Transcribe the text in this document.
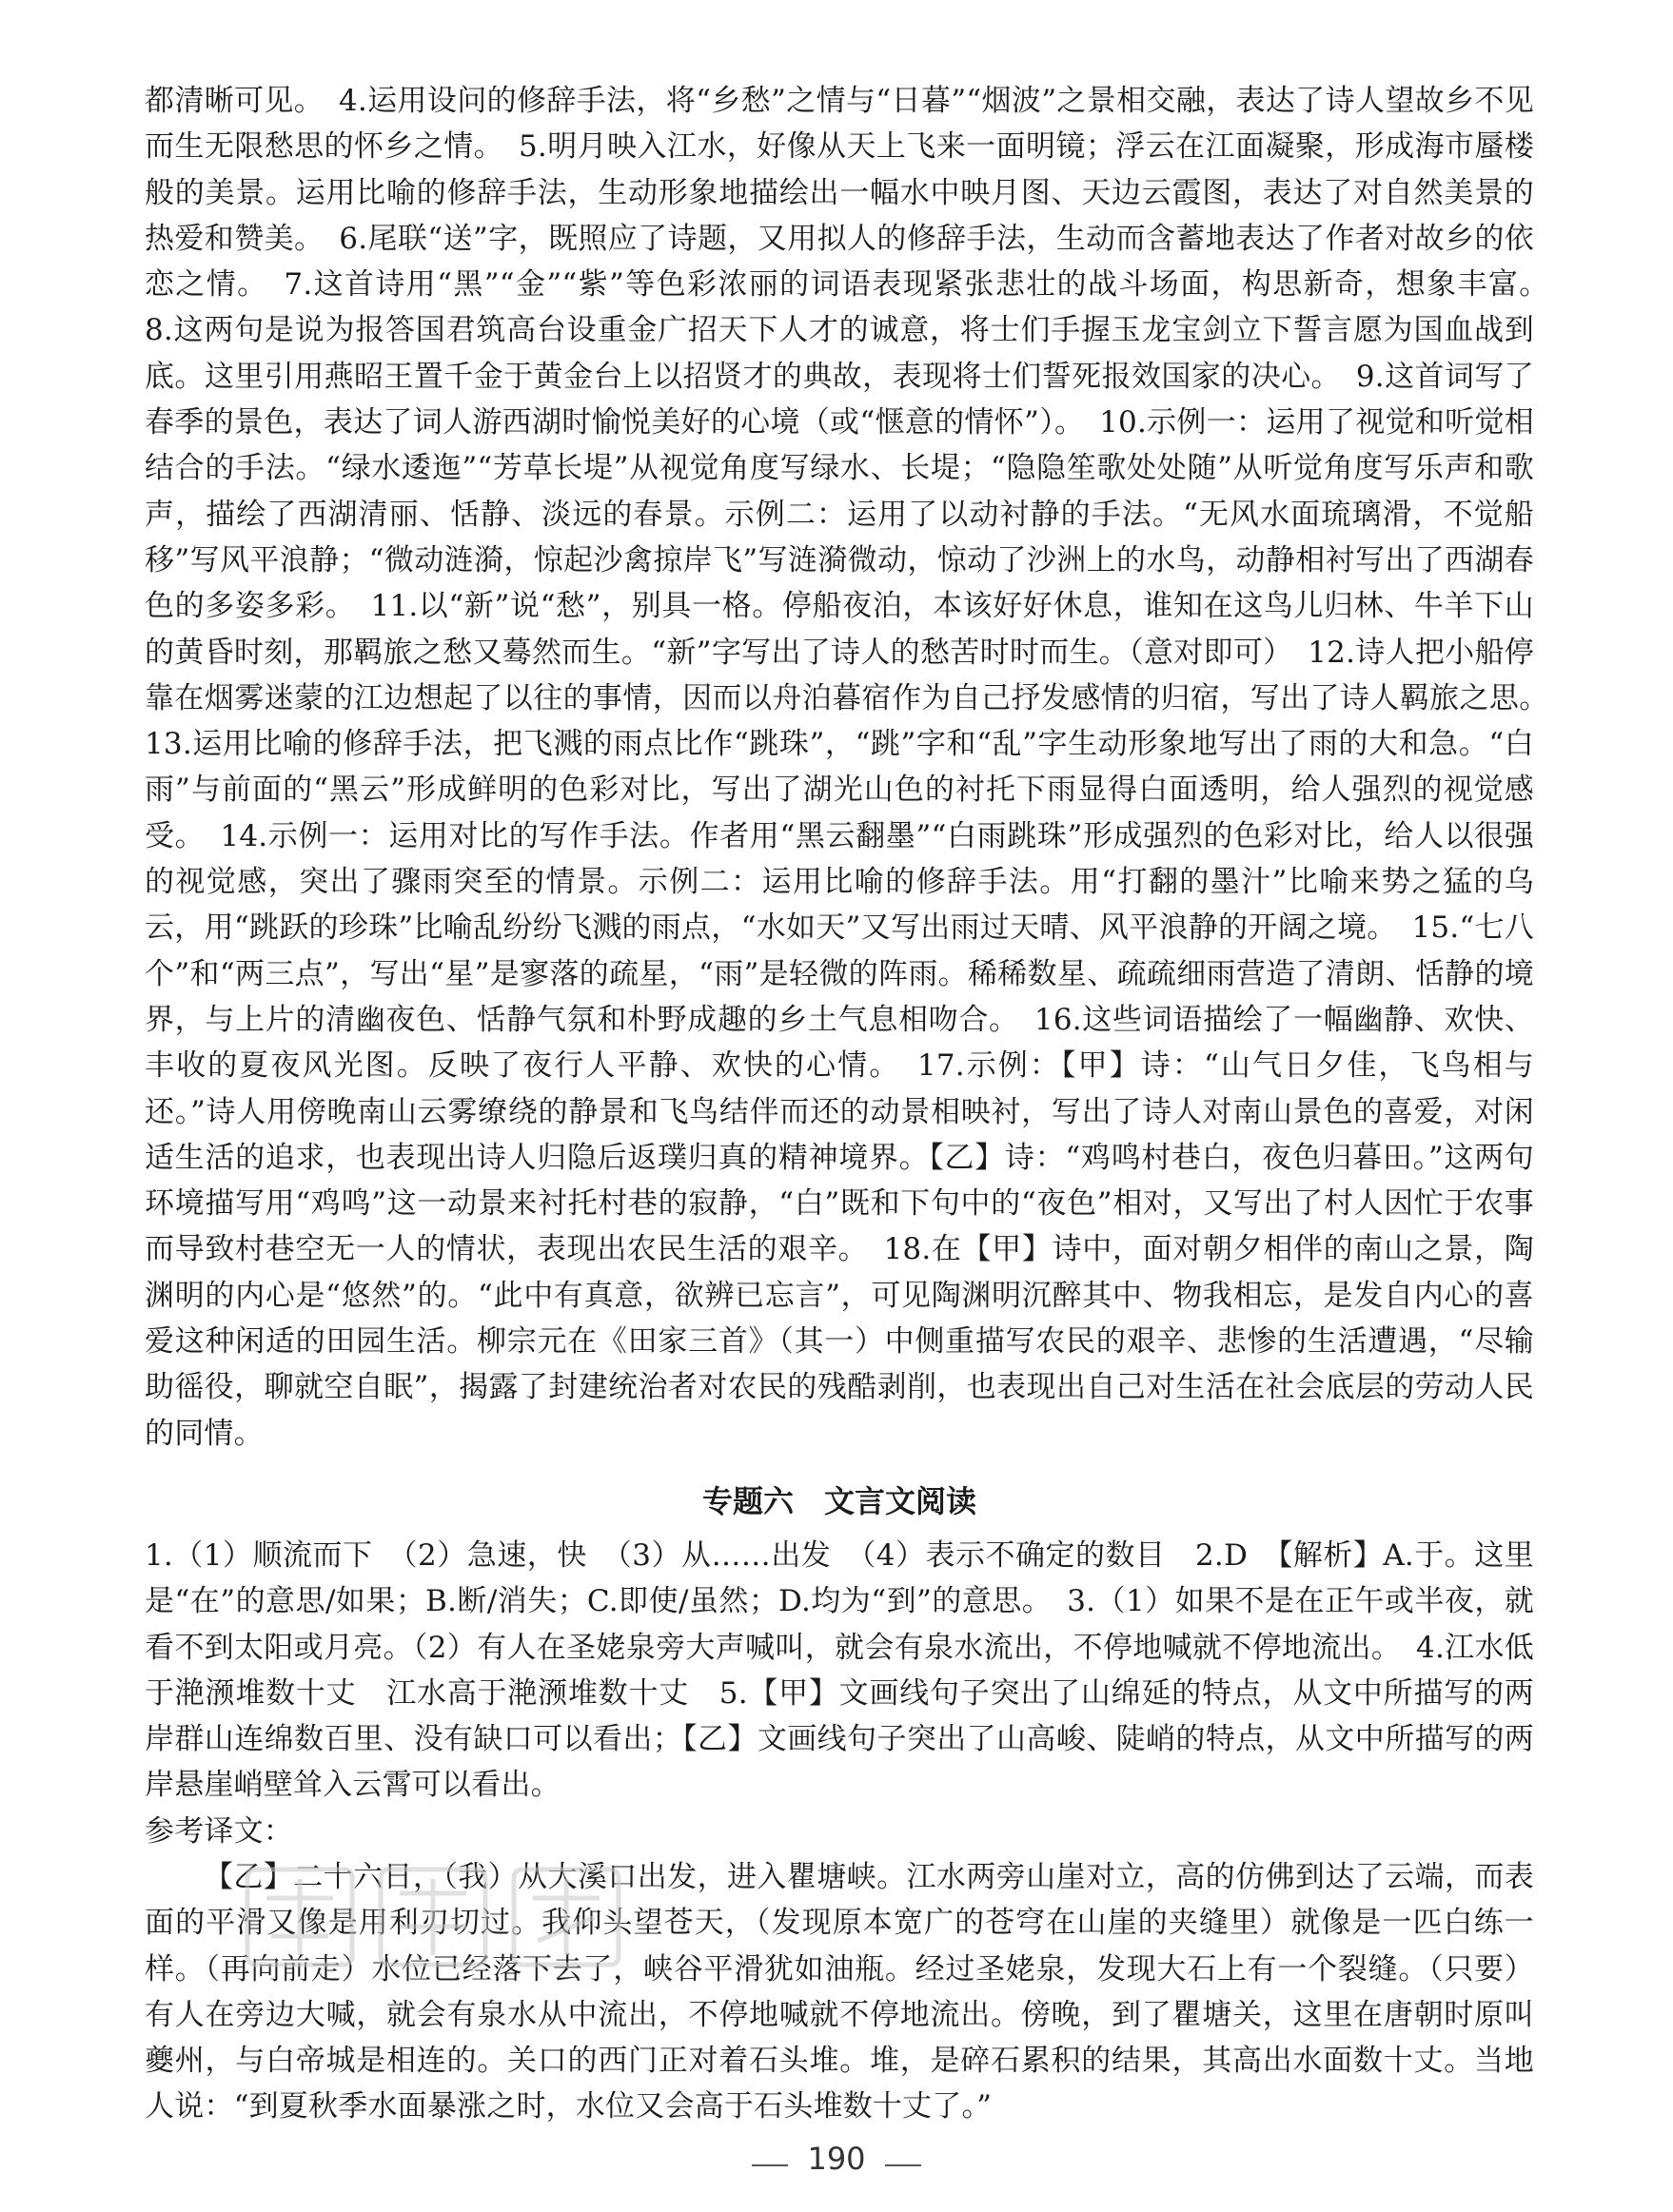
都清晰可见。　4.运用设问的修辞手法，将“乡愁”之情与“日暮”“烟波”之景相交融，表达了诗人望故乡不见而生无限愁思的怀乡之情。　5.明月映入江水，好像从天上飞来一面明镜；浮云在江面凝聚，形成海市蜃楼般的美景。运用比喻的修辞手法，生动形象地描绘出一幅水中映月图、天边云霞图，表达了对自然美景的热爱和赞美。　6.尾联“送”字，既照应了诗题，又用拟人的修辞手法，生动而含蓄地表达了作者对故乡的依恋之情。　7.这首诗用“黑”“金”“紫”等色彩浓丽的词语表现紧张悲壮的战斗场面，构思新奇，想象丰富。　8.这两句是说为报答国君筑高台设重金广招天下人才的诚意，将士们手握玉龙宝剑立下誓言愿为国血战到底。这里引用燕昭王置千金于黄金台上以招贤才的典故，表现将士们誓死报效国家的决心。　9.这首词写了春季的景色，表达了词人游西湖时愉悦美好的心境（或“惬意的情怀”）。　10.示例一：运用了视觉和听觉相结合的手法。“绿水逶迤”“芳草长堤”从视觉角度写绿水、长堤；“隐隐笙歌处处随”从听觉角度写乐声和歌声，描绘了西湖清丽、恬静、淡远的春景。示例二：运用了以动衬静的手法。“无风水面琉璃滑，不觉船移”写风平浪静；“微动涟漪，惊起沙禽掠岸飞”写涟漪微动，惊动了沙洲上的水鸟，动静相衬写出了西湖春色的多姿多彩。　11.以“新”说“愁”，别具一格。停船夜泊，本该好好休息，谁知在这鸟儿归林、牛羊下山的黄昏时刻，那羁旅之愁又蓦然而生。“新”字写出了诗人的愁苦时时而生。（意对即可）　12.诗人把小船停靠在烟雾迷蒙的江边想起了以往的事情，因而以舟泊暮宿作为自己抒发感情的归宿，写出了诗人羁旅之思。　13.运用比喻的修辞手法，把飞溅的雨点比作“跳珠”，“跳”字和“乱”字生动形象地写出了雨的大和急。“白雨”与前面的“黑云”形成鲜明的色彩对比，写出了湖光山色的衬托下雨显得白面透明，给人强烈的视觉感受。　14.示例一：运用对比的写作手法。作者用“黑云翻墨”“白雨跳珠”形成强烈的色彩对比，给人以很强的视觉感，突出了骤雨突至的情景。示例二：运用比喻的修辞手法。用“打翻的墨汁”比喻来势之猛的乌云，用“跳跃的珍珠”比喻乱纷纷飞溅的雨点，“水如天”又写出雨过天晴、风平浪静的开阔之境。　15.“七八个”和“两三点”，写出“星”是寥落的疏星，“雨”是轻微的阵雨。稀稀数星、疏疏细雨营造了清朗、恬静的境界，与上片的清幽夜色、恬静气氛和朴野成趣的乡土气息相吻合。　16.这些词语描绘了一幅幽静、欢快、丰收的夏夜风光图。反映了夜行人平静、欢快的心情。　17.示例：【甲】诗：“山气日夕佳，飞鸟相与还。”诗人用傍晚南山云雾缭绕的静景和飞鸟结伴而还的动景相映衬，写出了诗人对南山景色的喜爱，对闲适生活的追求，也表现出诗人归隐后返璞归真的精神境界。【乙】诗：“鸡鸣村巷白，夜色归暮田。”这两句环境描写用“鸡鸣”这一动景来衬托村巷的寂静，“白”既和下句中的“夜色”相对，又写出了村人因忙于农事而导致村巷空无一人的情状，表现出农民生活的艰辛。　18.在【甲】诗中，面对朝夕相伴的南山之景，陶渊明的内心是“悠然”的。“此中有真意，欲辨已忘言”，可见陶渊明沉醉其中、物我相忘，是发自内心的喜爱这种闲适的田园生活。柳宗元在《田家三首》（其一）中侧重描写农民的艰辛、悲惨的生活遭遇，“尽输助徭役，聊就空自眠”，揭露了封建统治者对农民的残酷剥削，也表现出自己对生活在社会底层的劳动人民的同情。

专题六　文言文阅读

1.（1）顺流而下　（2）急速，快　（3）从……出发　（4）表示不确定的数目　2.D　【解析】A.于。这里是“在”的意思/如果；B.断/消失；C.即使/虽然；D.均为“到”的意思。　3.（1）如果不是在正午或半夜，就看不到太阳或月亮。（2）有人在圣姥泉旁大声喊叫，就会有泉水流出，不停地喊就不停地流出。　4.江水低于滟滪堆数十丈　江水高于滟滪堆数十丈　5.【甲】文画线句子突出了山绵延的特点，从文中所描写的两岸群山连绵数百里、没有缺口可以看出；【乙】文画线句子突出了山高峻、陡峭的特点，从文中所描写的两岸悬崖峭壁耸入云霄可以看出。

参考译文：

【乙】二十六日，（我）从大溪口出发，进入瞿塘峡。江水两旁山崖对立，高的仿佛到达了云端，而表面的平滑又像是用利刃切过。我仰头望苍天，（发现原本宽广的苍穹在山崖的夹缝里）就像是一匹白练一样。（再向前走）水位已经落下去了，峡谷平滑犹如油瓶。经过圣姥泉，发现大石上有一个裂缝。（只要）有人在旁边大喊，就会有泉水从中流出，不停地喊就不停地流出。傍晚，到了瞿塘关，这里在唐朝时原叫夔州，与白帝城是相连的。关口的西门正对着石头堆。堆，是碎石累积的结果，其高出水面数十丈。当地人说：“到夏秋季水面暴涨之时，水位又会高于石头堆数十丈了。”

190
